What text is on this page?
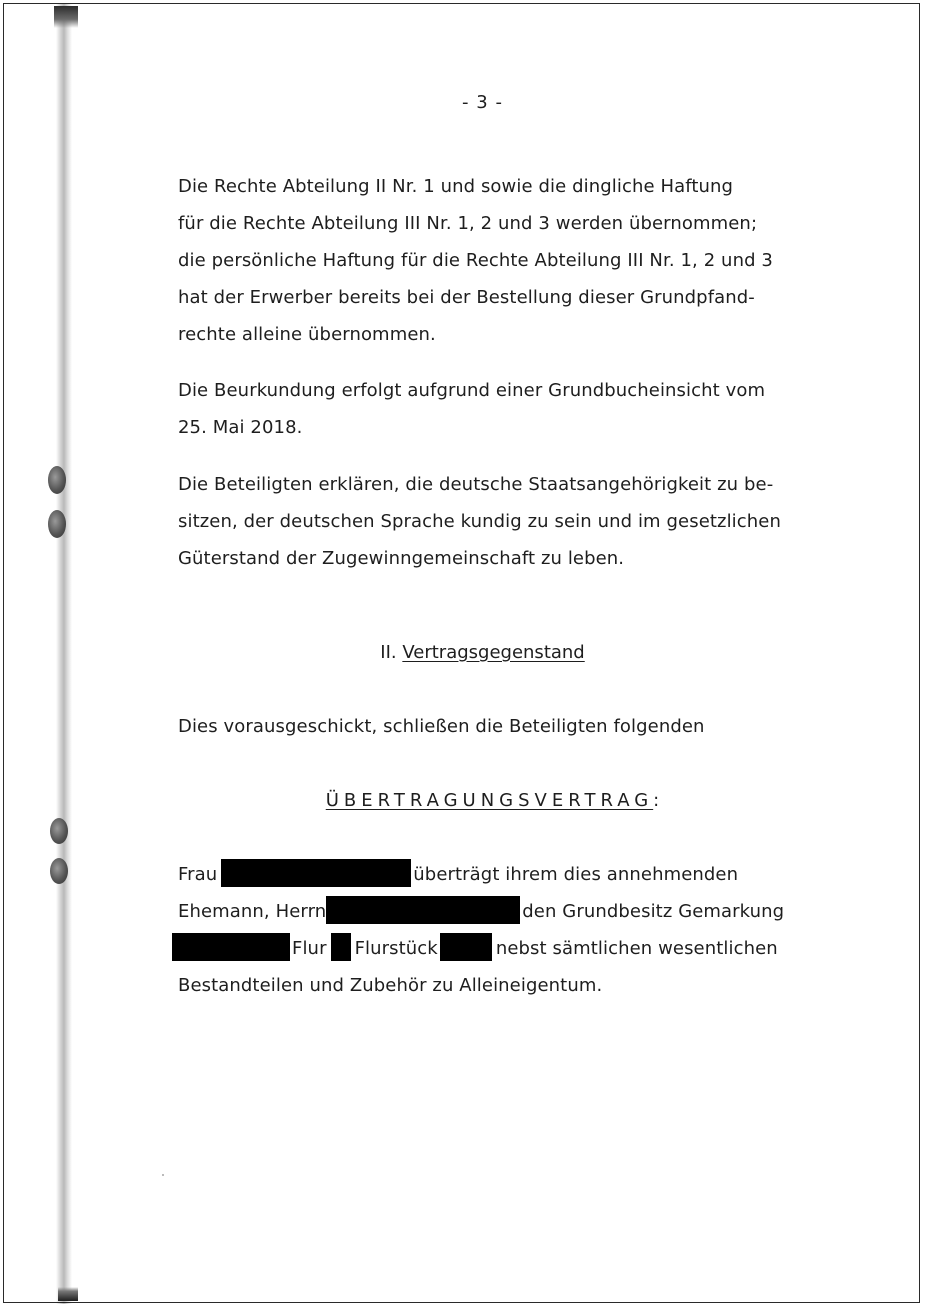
- 3 -
Die Rechte Abteilung II Nr. 1 und sowie die dingliche Haftung
für die Rechte Abteilung III Nr. 1, 2 und 3 werden übernommen;
die persönliche Haftung für die Rechte Abteilung III Nr. 1, 2 und 3
hat der Erwerber bereits bei der Bestellung dieser Grundpfand-
rechte alleine übernommen.
Die Beurkundung erfolgt aufgrund einer Grundbucheinsicht vom
25. Mai 2018.
Die Beteiligten erklären, die deutsche Staatsangehörigkeit zu be-
sitzen, der deutschen Sprache kundig zu sein und im gesetzlichen
Güterstand der Zugewinngemeinschaft zu leben.
II. Vertragsgegenstand
Dies vorausgeschickt, schließen die Beteiligten folgenden
ÜBERTRAGUNGSVERTRAG:
Frau	überträgt ihrem dies annehmenden
Ehemann, Herrn	den Grundbesitz Gemarkung
Flur Flurstück	nebst sämtlichen wesentlichen
Bestandteilen und Zubehör zu Alleineigentum.
